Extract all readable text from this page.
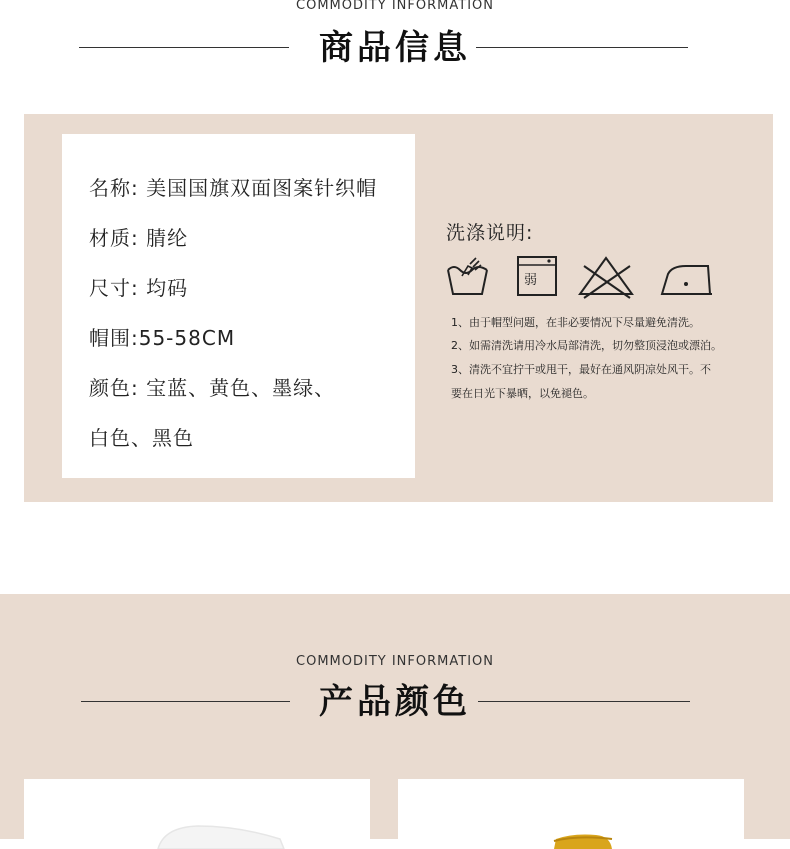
COMMODITY INFORMATION
商品信息
名称: 美国国旗双面图案针织帽
材质: 腈纶
尺寸: 均码
帽围:55-58CM
颜色: 宝蓝、黄色、墨绿、
白色、黑色
洗涤说明:
弱
1、由于帽型问题，在非必要情况下尽量避免清洗。
2、如需清洗请用冷水局部清洗，切勿整顶浸泡或漂泊。
3、清洗不宜拧干或甩干，最好在通风阴凉处风干。不
要在日光下暴晒，以免褪色。
COMMODITY INFORMATION
产品颜色
